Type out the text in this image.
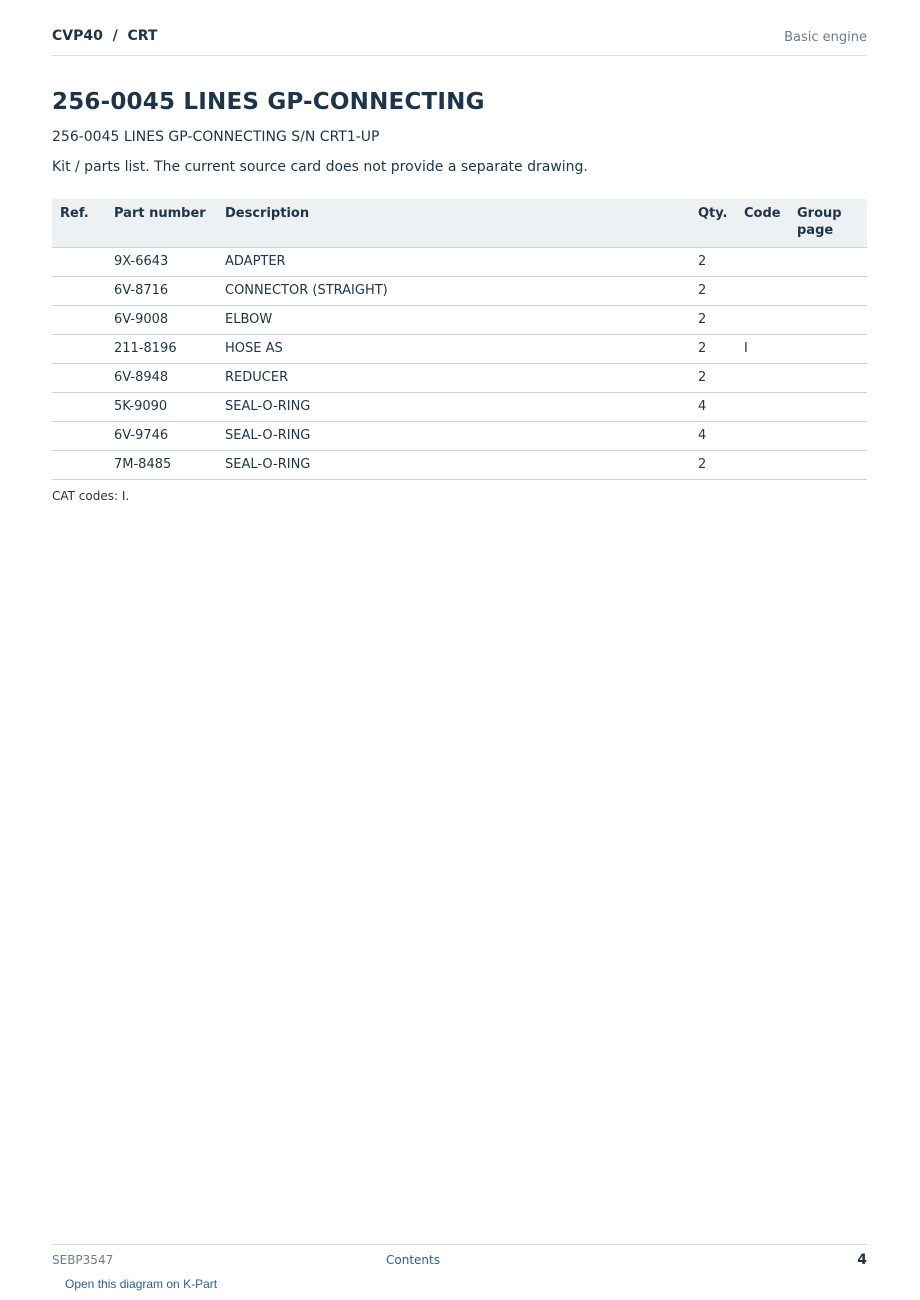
CVP40  /  CRT	Basic engine
256-0045 LINES GP-CONNECTING
256-0045 LINES GP-CONNECTING S/N CRT1-UP
Kit / parts list. The current source card does not provide a separate drawing.
Ref.	Part number	Description	Qty.	Code	Group page
	9X-6643	ADAPTER	2		
	6V-8716	CONNECTOR (STRAIGHT)	2		
	6V-9008	ELBOW	2		
	211-8196	HOSE AS	2	I	
	6V-8948	REDUCER	2		
	5K-9090	SEAL-O-RING	4		
	6V-9746	SEAL-O-RING	4		
	7M-8485	SEAL-O-RING	2		
CAT codes: I.
SEBP3547	Contents	4
Open this diagram on K-Part
